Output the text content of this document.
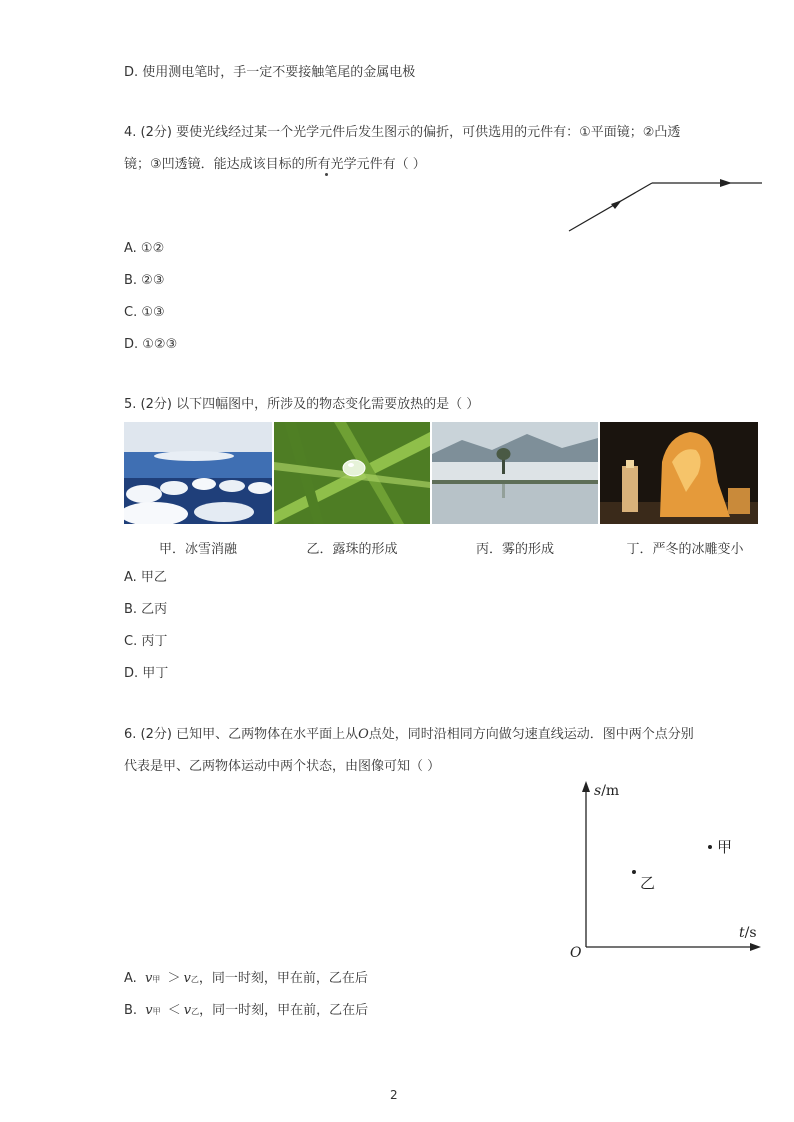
D. 使用测电笔时，手一定不要接触笔尾的金属电极
4. (2分) 要使光线经过某一个光学元件后发生图示的偏折，可供选用的元件有：①平面镜；②凸透
镜；③凹透镜．能达成该目标的所有光学元件有（ ）
A. ①②
B. ②③
C. ①③
D. ①②③
5. (2分) 以下四幅图中，所涉及的物态变化需要放热的是（ ）
甲．冰雪消融	乙．露珠的形成	丙．雾的形成	丁．严冬的冰雕变小
A. 甲乙
B. 乙丙
C. 丙丁
D. 甲丁
6. (2分) 已知甲、乙两物体在水平面上从O点处，同时沿相同方向做匀速直线运动．图中两个点分别
代表是甲、乙两物体运动中两个状态，由图像可知（ ）
s/m
t/s
O
甲
乙
A. v甲 ＞ v乙，同一时刻，甲在前，乙在后
B. v甲 ＜ v乙，同一时刻，甲在前，乙在后
2
